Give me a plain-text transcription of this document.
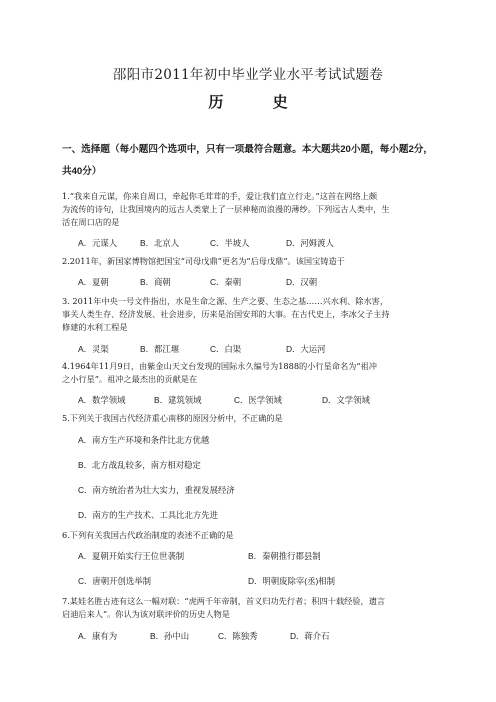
邵阳市2011年初中毕业学业水平考试试题卷
历 史
一、选择题（每小题四个选项中，只有一项最符合题意。本大题共20小题，每小题2分，
共40分）
1.“我来自元谋，你来自周口，牵起你毛茸茸的手，爱让我们直立行走。”这首在网络上颇
为流传的诗句，让我国境内的远古人类蒙上了一层神秘而浪漫的薄纱。下列远古人类中，生
活在周口店的是
A．元谋人	B．北京人	C．半坡人	D．河姆渡人
2.2011年，新国家博物馆把国宝“司母戊鼎”更名为“后母戊鼎”。该国宝铸造于
A．夏朝	B．商朝	C．秦朝	D．汉朝
3. 2011年中央一号文件指出，水是生命之源、生产之要、生态之基……兴水利、除水害，
事关人类生存、经济发展、社会进步，历来是治国安邦的大事。在古代史上，李冰父子主持
修建的水利工程是
A．灵渠	B．都江堰	C．白渠	D．大运河
4.1964年11月9日，由紫金山天文台发现的国际永久编号为1888的小行星命名为“祖冲
之小行星”。祖冲之最杰出的贡献是在
A．数学领域	B．建筑领域	C．医学领域	D．文学领域
5.下列关于我国古代经济重心南移的原因分析中，不正确的是
A．南方生产环境和条件比北方优越
B．北方战乱较多，南方相对稳定
C．南方统治者为壮大实力，重视发展经济
D．南方的生产技术、工具比北方先进
6.下列有关我国古代政治制度的表述不正确的是
A．夏朝开始实行王位世袭制	B．秦朝推行郡县制
C．唐朝开创选举制	D．明朝废除宰(丞)相制
7.某娃名胜古迹有这么一幅对联：“虎两千年帝制，首义归功先行者；积四十载经验，遗言
启迪后来人”。你认为该对联评价的历史人物是
A．康有为	B．孙中山	C．陈独秀	D．蒋介石
